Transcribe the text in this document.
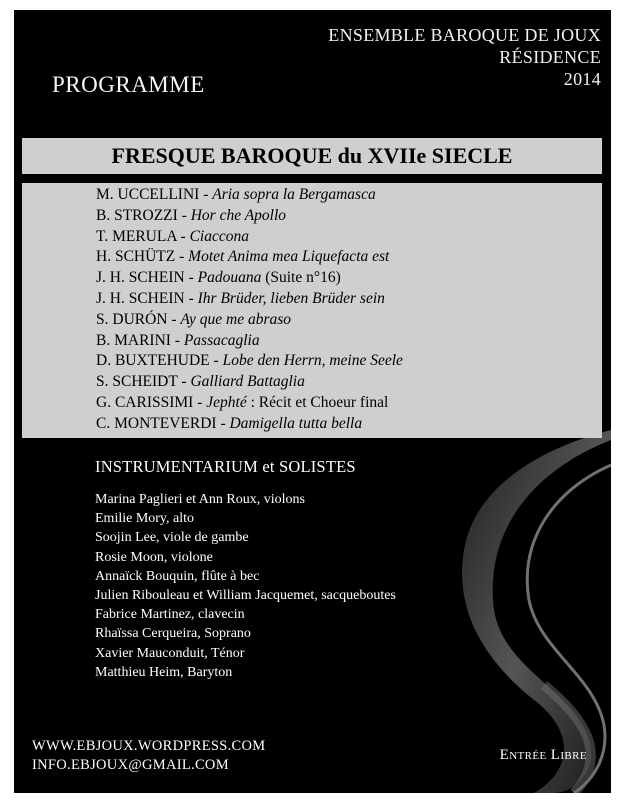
ENSEMBLE BAROQUE DE JOUX
RÉSIDENCE
2014
PROGRAMME
FRESQUE BAROQUE du XVIIe SIECLE
M. UCCELLINI - Aria sopra la Bergamasca
B. STROZZI - Hor che Apollo
T. MERULA - Ciaccona
H. SCHÜTZ - Motet Anima mea Liquefacta est
J. H. SCHEIN - Padouana (Suite n°16)
J. H. SCHEIN - Ihr Brüder, lieben Brüder sein
S. DURÓN - Ay que me abraso
B. MARINI - Passacaglia
D. BUXTEHUDE - Lobe den Herrn, meine Seele
S. SCHEIDT - Galliard Battaglia
G. CARISSIMI - Jephté : Récit et Choeur final
C. MONTEVERDI - Damigella tutta bella
INSTRUMENTARIUM et SOLISTES
Marina Paglieri et Ann Roux, violons
Emilie Mory, alto
Soojin Lee, viole de gambe
Rosie Moon, violone
Annaïck Bouquin, flûte à bec
Julien Ribouleau et William Jacquemet, sacqueboutes
Fabrice Martinez, clavecin
Rhaïssa Cerqueira, Soprano
Xavier Mauconduit, Ténor
Matthieu Heim, Baryton
WWW.EBJOUX.WORDPRESS.COM
INFO.EBJOUX@GMAIL.COM
Entrée Libre
